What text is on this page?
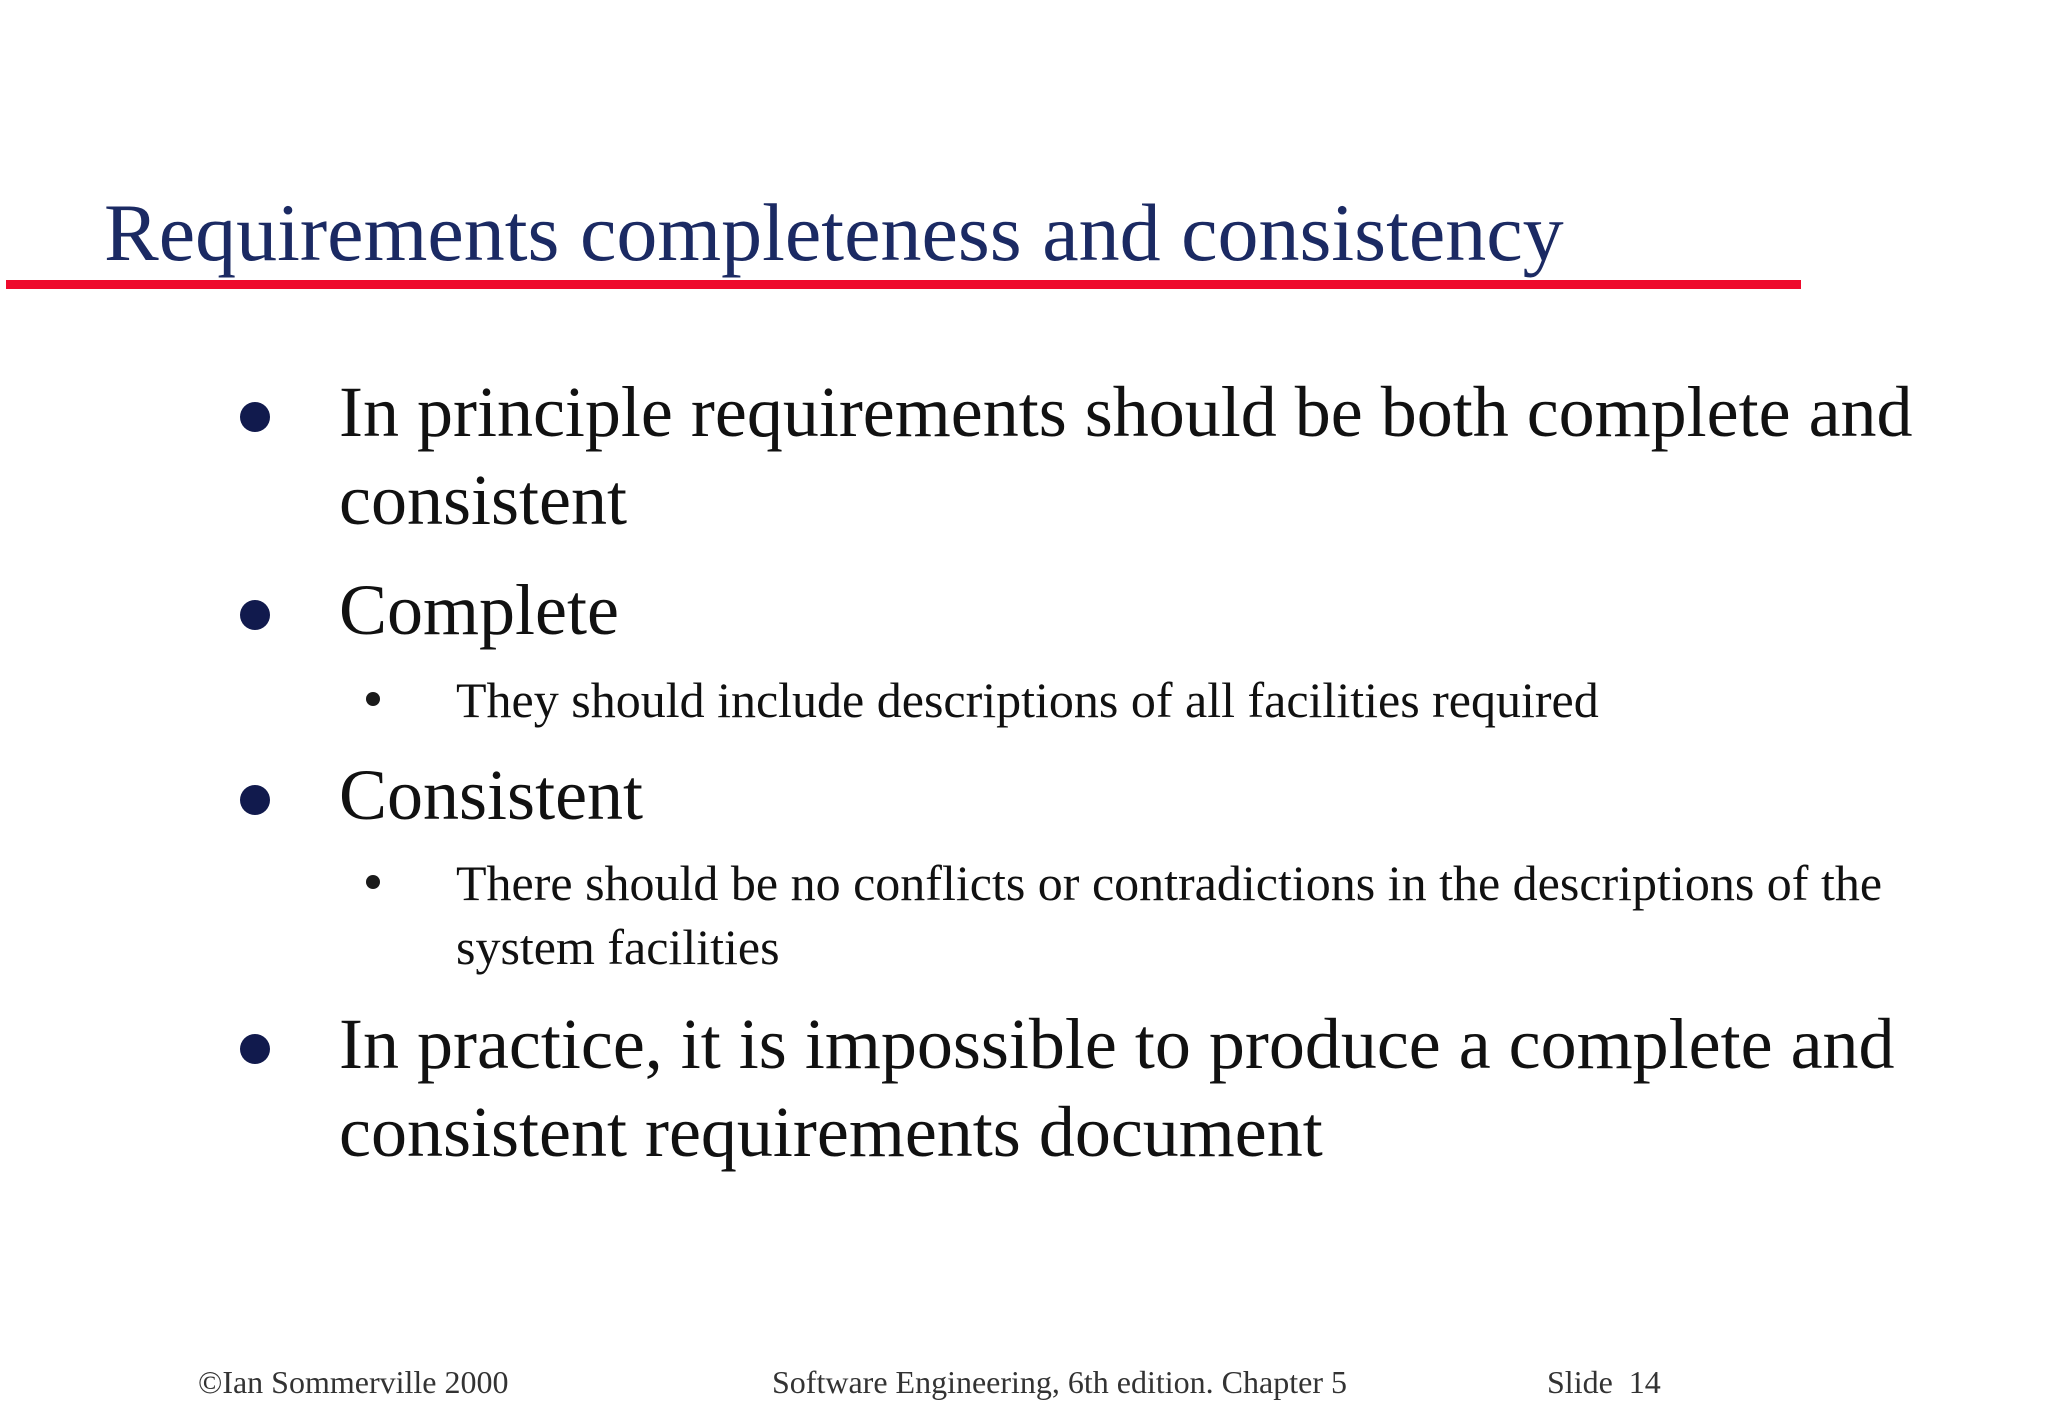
Requirements completeness and consistency
In principle requirements should be both complete and consistent
Complete
They should include descriptions of all facilities required
Consistent
There should be no conflicts or contradictions in the descriptions of the system facilities
In practice, it is impossible to produce a complete and consistent requirements document
©Ian Sommerville 2000	Software Engineering, 6th edition. Chapter 5	Slide  14
